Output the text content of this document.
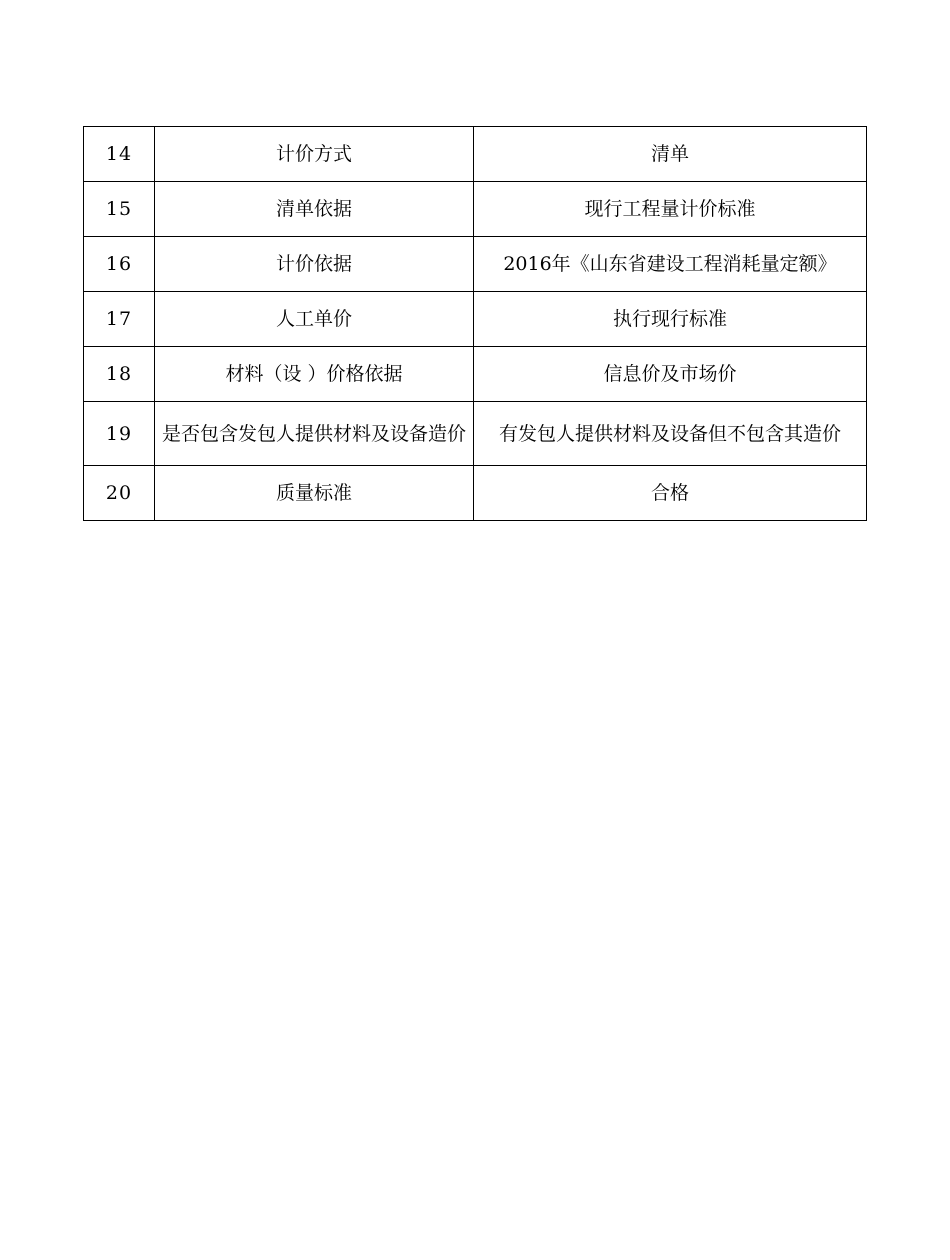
14	计价方式	清单
15	清单依据	现行工程量计价标准
16	计价依据	2016年《山东省建设工程消耗量定额》
17	人工单价	执行现行标准
18	材料（设 ）价格依据	信息价及市场价
19	是否包含发包人提供材料及设备造价	有发包人提供材料及设备但不包含其造价
20	质量标准	合格
